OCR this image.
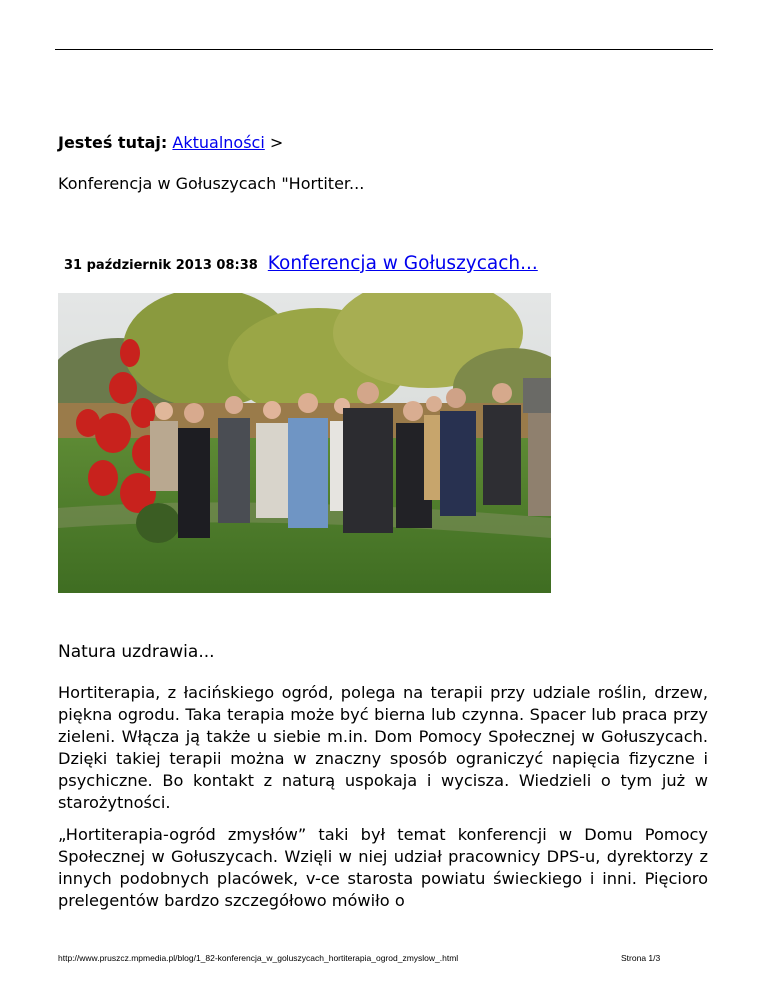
Jesteś tutaj: Aktualności >
Konferencja w Gołuszycach "Hortiter...
31 październik 2013 08:38 Konferencja w Gołuszycach...
Natura uzdrawia...

Hortiterapia, z łacińskiego ogród, polega na terapii przy udziale roślin, drzew, piękna ogrodu. Taka terapia może być bierna lub czynna. Spacer lub praca przy zieleni. Włącza ją także u siebie m.in. Dom Pomocy Społecznej w Gołuszycach. Dzięki takiej terapii można w znaczny sposób ograniczyć napięcia fizyczne i psychiczne. Bo kontakt z naturą uspokaja i wycisza. Wiedzieli o tym już w starożytności.

„Hortiterapia-ogród zmysłów” taki był temat konferencji w Domu Pomocy Społecznej w Gołuszycach. Wzięli w niej udział pracownicy DPS-u, dyrektorzy z innych podobnych placówek, v-ce starosta powiatu świeckiego i inni. Pięcioro prelegentów bardzo szczegółowo mówiło o

http://www.pruszcz.mpmedia.pl/blog/1_82-konferencja_w_goluszycach_hortiterapia_ogrod_zmyslow_.html	Strona 1/3
